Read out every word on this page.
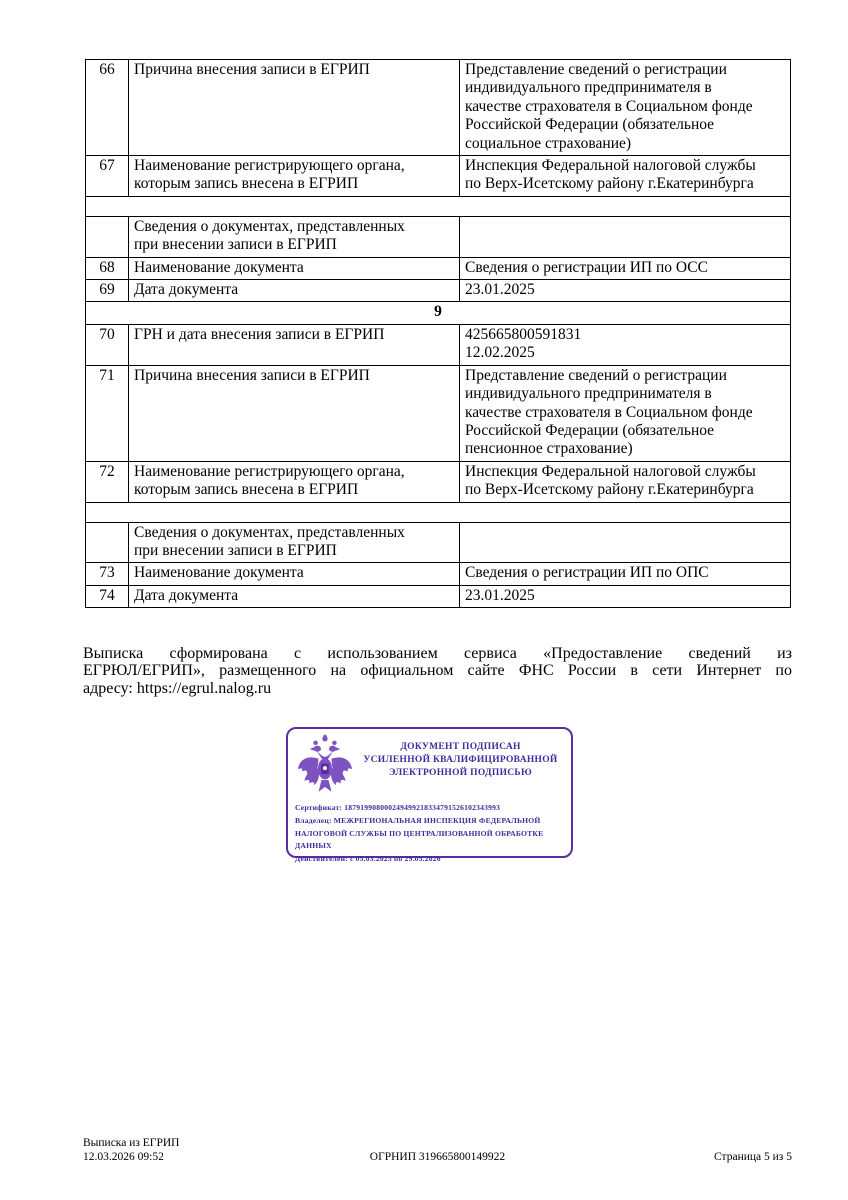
66	Причина внесения записи в ЕГРИП	Представление сведений о регистрации
индивидуального предпринимателя в
качестве страхователя в Социальном фонде
Российской Федерации (обязательное
социальное страхование)
67	Наименование регистрирующего органа,
которым запись внесена в ЕГРИП	Инспекция Федеральной налоговой службы
по Верх-Исетскому району г.Екатеринбурга

	Сведения о документах, представленных
при внесении записи в ЕГРИП	
68	Наименование документа	Сведения о регистрации ИП по ОСС
69	Дата документа	23.01.2025
9		
70	ГРН и дата внесения записи в ЕГРИП	425665800591831
12.02.2025
71	Причина внесения записи в ЕГРИП	Представление сведений о регистрации
индивидуального предпринимателя в
качестве страхователя в Социальном фонде
Российской Федерации (обязательное
пенсионное страхование)
72	Наименование регистрирующего органа,
которым запись внесена в ЕГРИП	Инспекция Федеральной налоговой службы
по Верх-Исетскому району г.Екатеринбурга

	Сведения о документах, представленных
при внесении записи в ЕГРИП	
73	Наименование документа	Сведения о регистрации ИП по ОПС
74	Дата документа	23.01.2025
Выписка сформирована с использованием сервиса «Предоставление сведений из
ЕГРЮЛ/ЕГРИП», размещенного на официальном сайте ФНС России в сети Интернет по
адресу: https://egrul.nalog.ru
ДОКУМЕНТ ПОДПИСАН
УСИЛЕННОЙ КВАЛИФИЦИРОВАННОЙ
ЭЛЕКТРОННОЙ ПОДПИСЬЮ
Сертификат: 187919908000249499218334791526102343993
Владелец: МЕЖРЕГИОНАЛЬНАЯ ИНСПЕКЦИЯ ФЕДЕРАЛЬНОЙ
НАЛОГОВОЙ СЛУЖБЫ ПО ЦЕНТРАЛИЗОВАННОЙ ОБРАБОТКЕ
ДАННЫХ
Действителен: с 05.03.2025 по 29.05.2026
Выписка из ЕГРИП
12.03.2026 09:52	ОГРНИП 319665800149922	Страница 5 из 5
